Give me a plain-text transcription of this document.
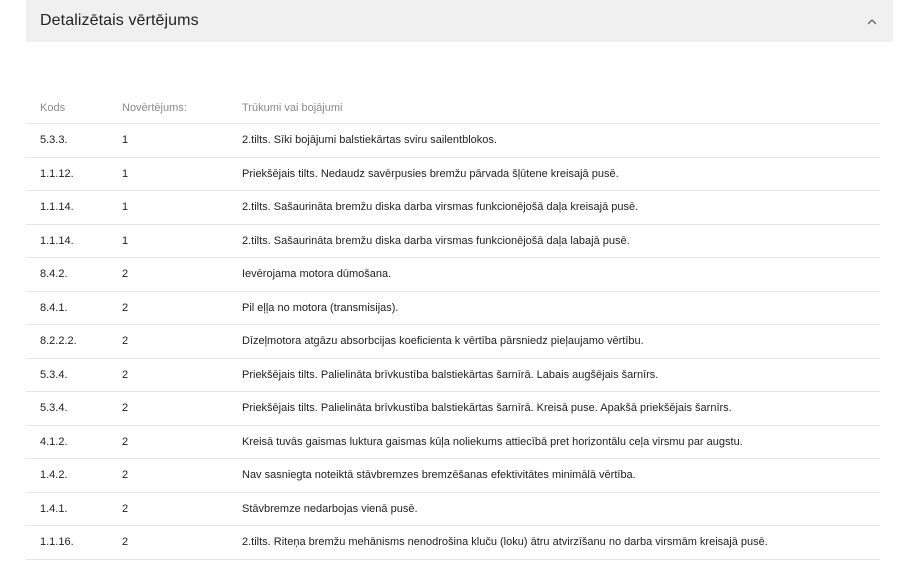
Detalizētais vērtējums
Kods	Novērtējums:	Trūkumi vai bojājumi
5.3.3.	1	2.tilts. Sīki bojājumi balstiekārtas sviru sailentblokos.
1.1.12.	1	Priekšējais tilts. Nedaudz savērpusies bremžu pārvada šļūtene kreisajā pusē.
1.1.14.	1	2.tilts. Sašaurināta bremžu diska darba virsmas funkcionējošā daļa kreisajā pusē.
1.1.14.	1	2.tilts. Sašaurināta bremžu diska darba virsmas funkcionējošā daļa labajā pusē.
8.4.2.	2	Ievērojama motora dūmošana.
8.4.1.	2	Pil eļļa no motora (transmisijas).
8.2.2.2.	2	Dīzeļmotora atgāzu absorbcijas koeficienta k vērtība pārsniedz pieļaujamo vērtību.
5.3.4.	2	Priekšējais tilts. Palielināta brīvkustība balstiekārtas šarnīrā. Labais augšējais šarnīrs.
5.3.4.	2	Priekšējais tilts. Palielināta brīvkustība balstiekārtas šarnīrā. Kreisā puse. Apakšā priekšējais šarnīrs.
4.1.2.	2	Kreisā tuvās gaismas luktura gaismas kūļa noliekums attiecībā pret horizontālu ceļa virsmu par augstu.
1.4.2.	2	Nav sasniegta noteiktā stāvbremzes bremzēšanas efektivitātes minimālā vērtība.
1.4.1.	2	Stāvbremze nedarbojas vienā pusē.
1.1.16.	2	2.tilts. Riteņa bremžu mehānisms nenodrošina kluču (loku) ātru atvirzīšanu no darba virsmām kreisajā pusē.
